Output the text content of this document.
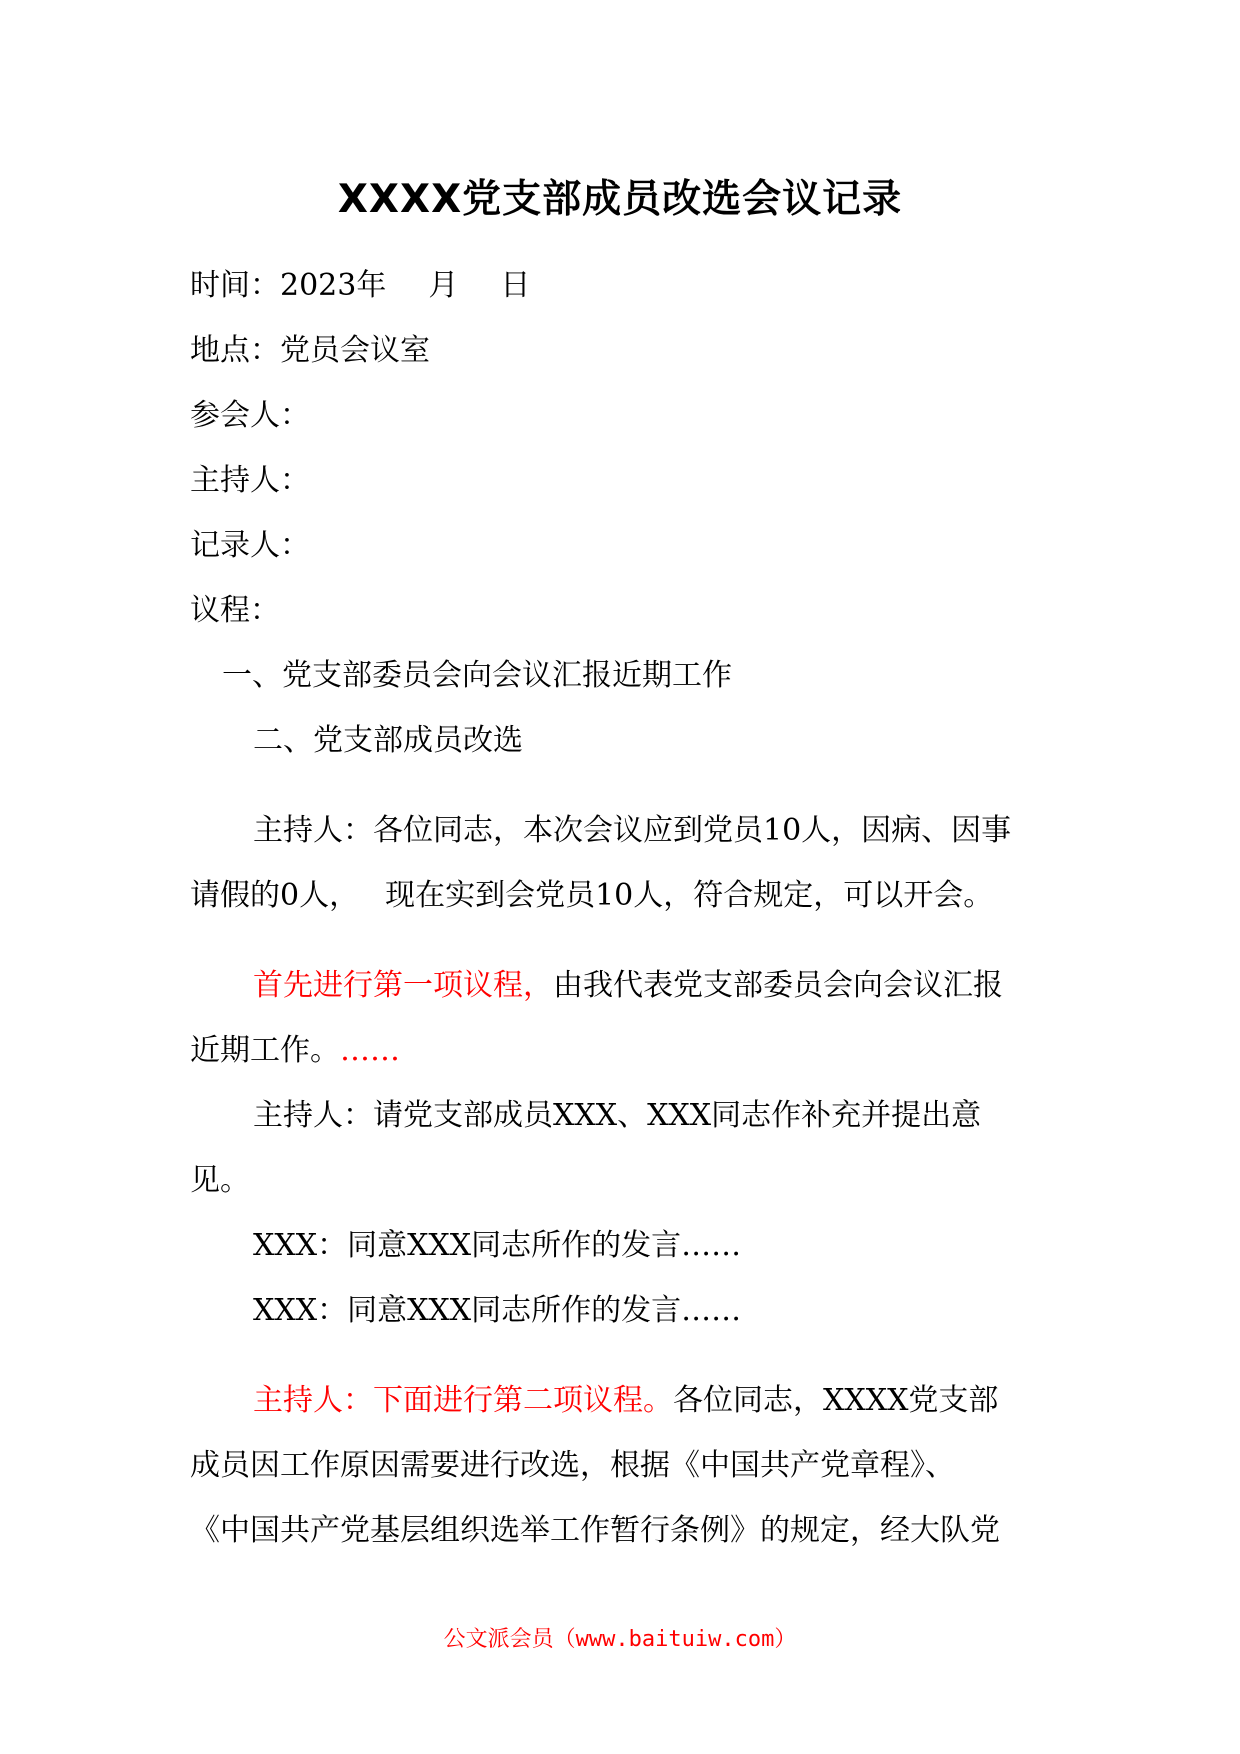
XXXX党支部成员改选会议记录
时间：2023年 月 日
地点：党员会议室
参会人：
主持人：
记录人：
议程：
一、党支部委员会向会议汇报近期工作
二、党支部成员改选
主持人：各位同志，本次会议应到党员10人，因病、因事
请假的0人， 现在实到会党员10人，符合规定，可以开会。
首先进行第一项议程，由我代表党支部委员会向会议汇报
近期工作。……
主持人：请党支部成员XXX、XXX同志作补充并提出意
见。
XXX：同意XXX同志所作的发言……
XXX：同意XXX同志所作的发言……
主持人：下面进行第二项议程。各位同志，XXXX党支部
成员因工作原因需要进行改选，根据《中国共产党章程》、
《中国共产党基层组织选举工作暂行条例》的规定，经大队党
公文派会员（www.baituiw.com）
